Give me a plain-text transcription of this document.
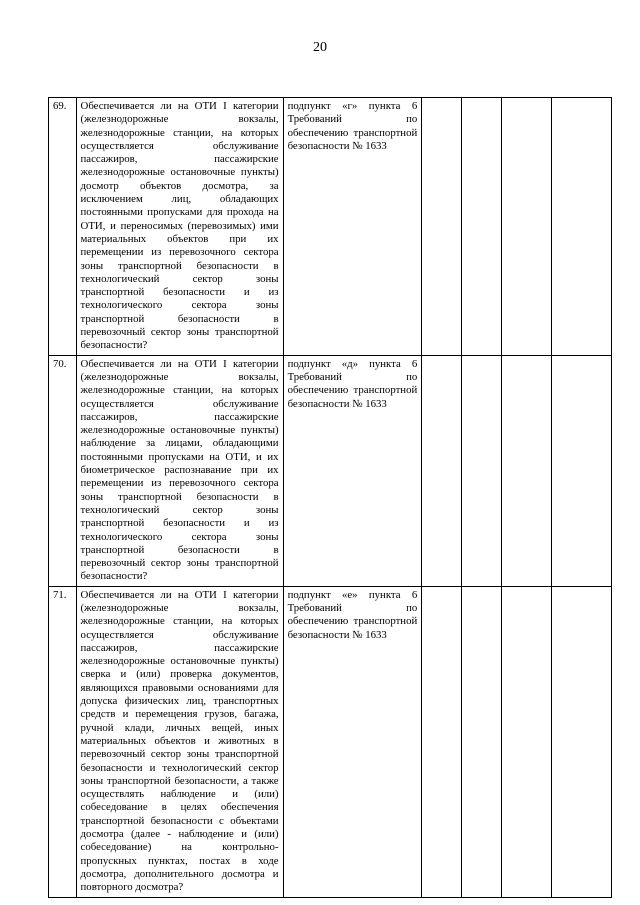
20
69.	Обеспечивается ли на ОТИ I категории (железнодорожные вокзалы, железнодорожные станции, на которых осуществляется обслуживание пассажиров, пассажирские железнодорожные остановочные пункты) досмотр объектов досмотра, за исключением лиц, обладающих постоянными пропусками для прохода на ОТИ, и переносимых (перевозимых) ими материальных объектов при их перемещении из перевозочного сектора зоны транспортной безопасности в технологический сектор зоны транспортной безопасности и из технологического сектора зоны транспортной безопасности в перевозочный сектор зоны транспортной безопасности?	подпункт «г» пункта 6 Требований по обеспечению транспортной безопасности № 1633				

70.	Обеспечивается ли на ОТИ I категории (железнодорожные вокзалы, железнодорожные станции, на которых осуществляется обслуживание пассажиров, пассажирские железнодорожные остановочные пункты) наблюдение за лицами, обладающими постоянными пропусками на ОТИ, и их биометрическое распознавание при их перемещении из перевозочного сектора зоны транспортной безопасности в технологический сектор зоны транспортной безопасности и из технологического сектора зоны транспортной безопасности в перевозочный сектор зоны транспортной безопасности?	подпункт «д» пункта 6 Требований по обеспечению транспортной безопасности № 1633				

71.	Обеспечивается ли на ОТИ I категории (железнодорожные вокзалы, железнодорожные станции, на которых осуществляется обслуживание пассажиров, пассажирские железнодорожные остановочные пункты) сверка и (или) проверка документов, являющихся правовыми основаниями для допуска физических лиц, транспортных средств и перемещения грузов, багажа, ручной клади, личных вещей, иных материальных объектов и животных в перевозочный сектор зоны транспортной безопасности и технологический сектор зоны транспортной безопасности, а также осуществлять наблюдение и (или) собеседование в целях обеспечения транспортной безопасности с объектами досмотра (далее - наблюдение и (или) собеседование) на контрольно-пропускных пунктах, постах в ходе досмотра, дополнительного досмотра и повторного досмотра?	подпункт «е» пункта 6 Требований по обеспечению транспортной безопасности № 1633				
